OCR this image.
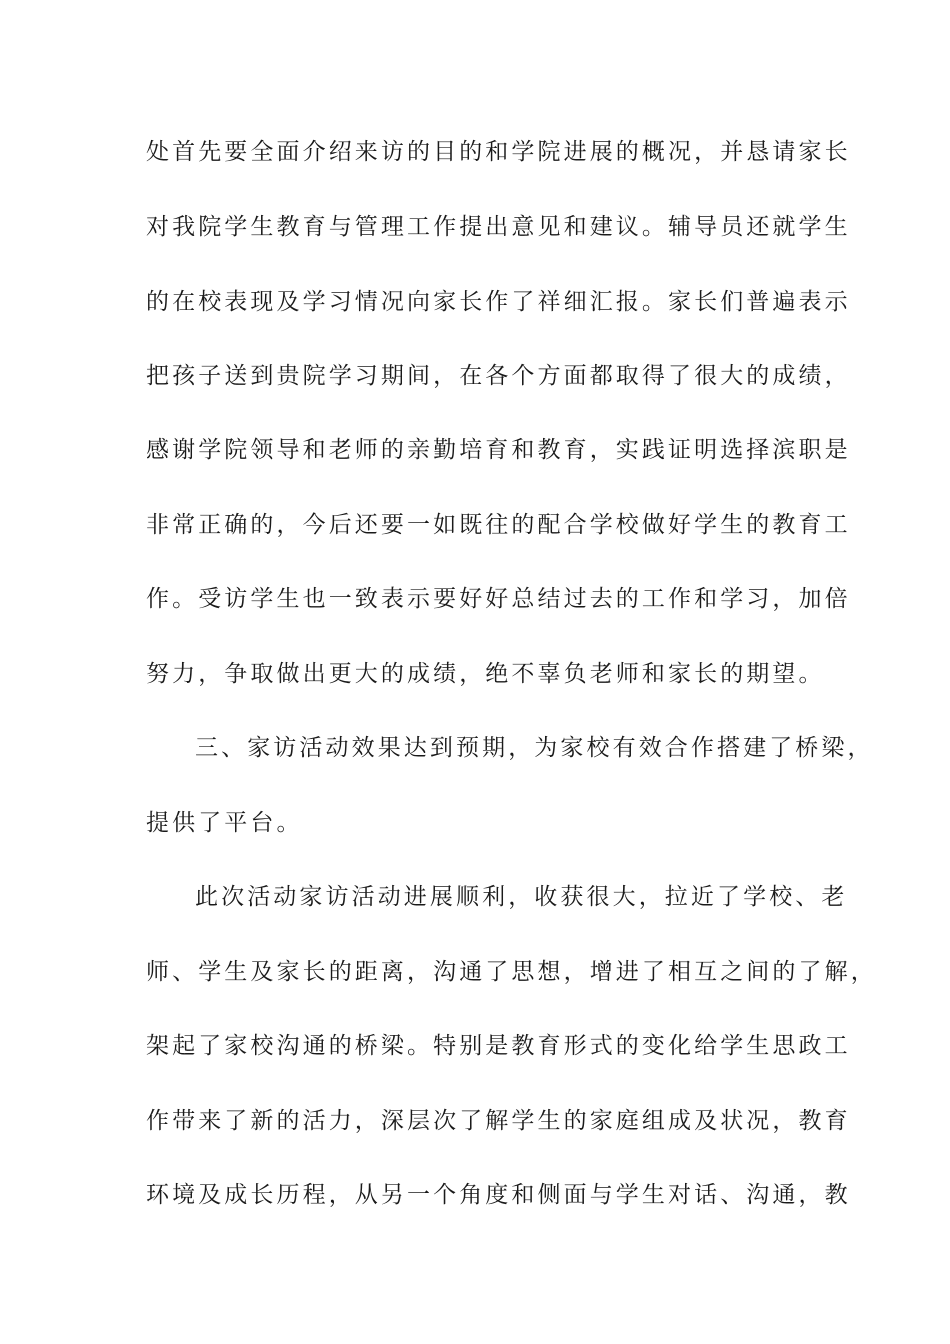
处首先要全面介绍来访的目的和学院进展的概况，并恳请家长
对我院学生教育与管理工作提出意见和建议。辅导员还就学生
的在校表现及学习情况向家长作了祥细汇报。家长们普遍表示
把孩子送到贵院学习期间，在各个方面都取得了很大的成绩，
感谢学院领导和老师的亲勤培育和教育，实践证明选择滨职是
非常正确的，今后还要一如既往的配合学校做好学生的教育工
作。受访学生也一致表示要好好总结过去的工作和学习，加倍
努力，争取做出更大的成绩，绝不辜负老师和家长的期望。
三、家访活动效果达到预期，为家校有效合作搭建了桥梁，
提供了平台。
此次活动家访活动进展顺利，收获很大，拉近了学校、老
师、学生及家长的距离，沟通了思想，增进了相互之间的了解，
架起了家校沟通的桥梁。特别是教育形式的变化给学生思政工
作带来了新的活力，深层次了解学生的家庭组成及状况，教育
环境及成长历程，从另一个角度和侧面与学生对话、沟通，教
